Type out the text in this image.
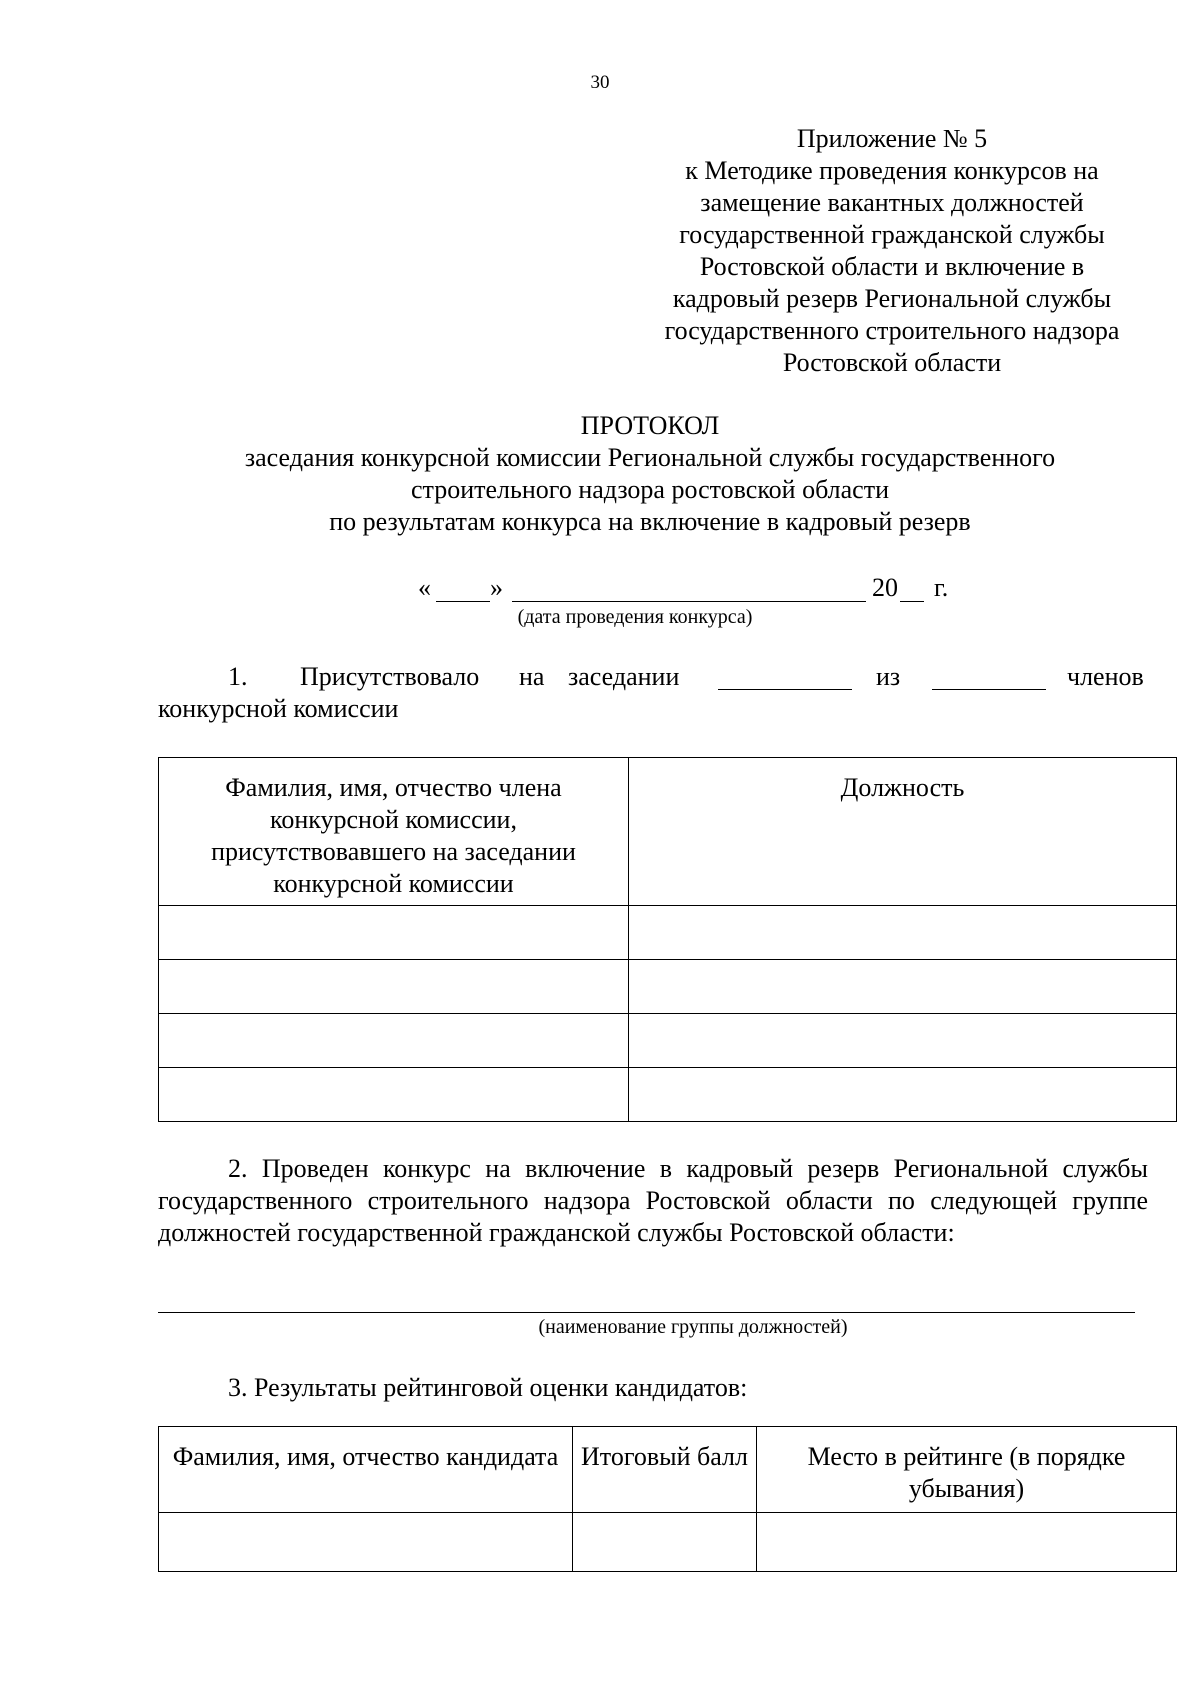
30
Приложение № 5
к Методике проведения конкурсов на
замещение вакантных должностей
государственной гражданской службы
Ростовской области и включение в
кадровый резерв Региональной службы
государственного строительного надзора
Ростовской области
ПРОТОКОЛ
заседания конкурсной комиссии Региональной службы государственного
строительного надзора ростовской области
по результатам конкурса на включение в кадровый резерв
« »	20 г.
(дата проведения конкурса)
1. Присутствовало на заседании	из	членов
конкурсной комиссии
Фамилия, имя, отчество члена
конкурсной комиссии,
присутствовавшего на заседании
конкурсной комиссии	Должность

2. Проведен конкурс на включение в кадровый резерв Региональной службы государственного строительного надзора Ростовской области по следующей группе должностей государственной гражданской службы Ростовской области:

(наименование группы должностей)
3. Результаты рейтинговой оценки кандидатов:
Фамилия, имя, отчество кандидата	Итоговый балл	Место в рейтинге (в порядке убывания)
